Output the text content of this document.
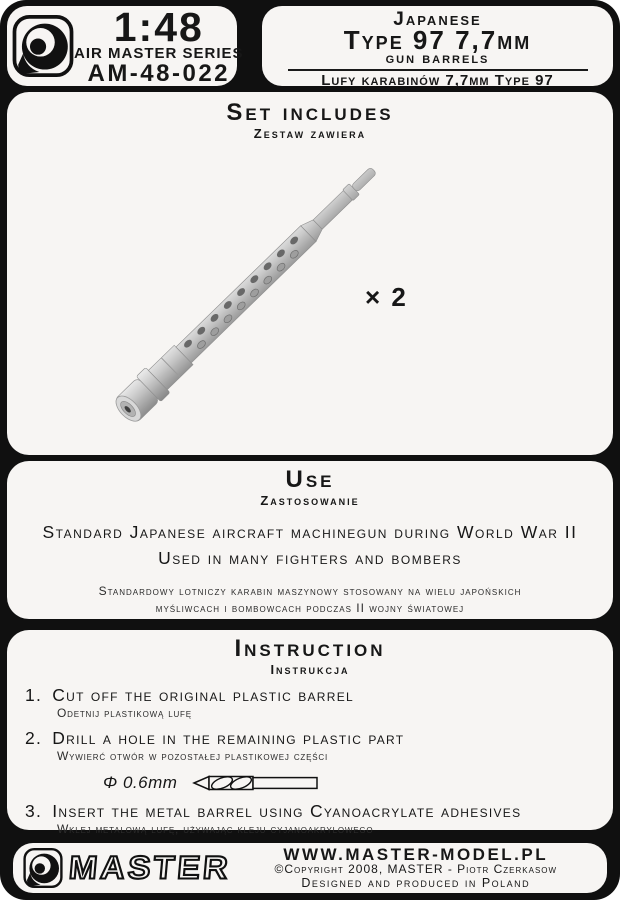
1:48
AIR MASTER SERIES
AM-48-022
Japanese
Type 97 7,7mm
gun barrels
Lufy karabinów 7,7mm Type 97
Set includes
Zestaw zawiera
× 2
Use
Zastosowanie
Standard Japanese aircraft machinegun during World War II
Used in many fighters and bombers
Standardowy lotniczy karabin maszynowy stosowany na wielu japońskich
myśliwcach i bombowcach podczas II wojny światowej
Instruction
Instrukcja
1. Cut off the original plastic barrel
Odetnij plastikową lufę
2. Drill a hole in the remaining plastic part
Wywierć otwór w pozostałej plastikowej części
Φ 0.6mm
3. Insert the metal barrel using Cyanoacrylate adhesives
Wklej metalową lufę, używając kleju cyjanoakrylowego
MASTER	WWW.MASTER-MODEL.PL
©Copyright 2008, MASTER - Piotr Czerkasow
Designed and produced in Poland
